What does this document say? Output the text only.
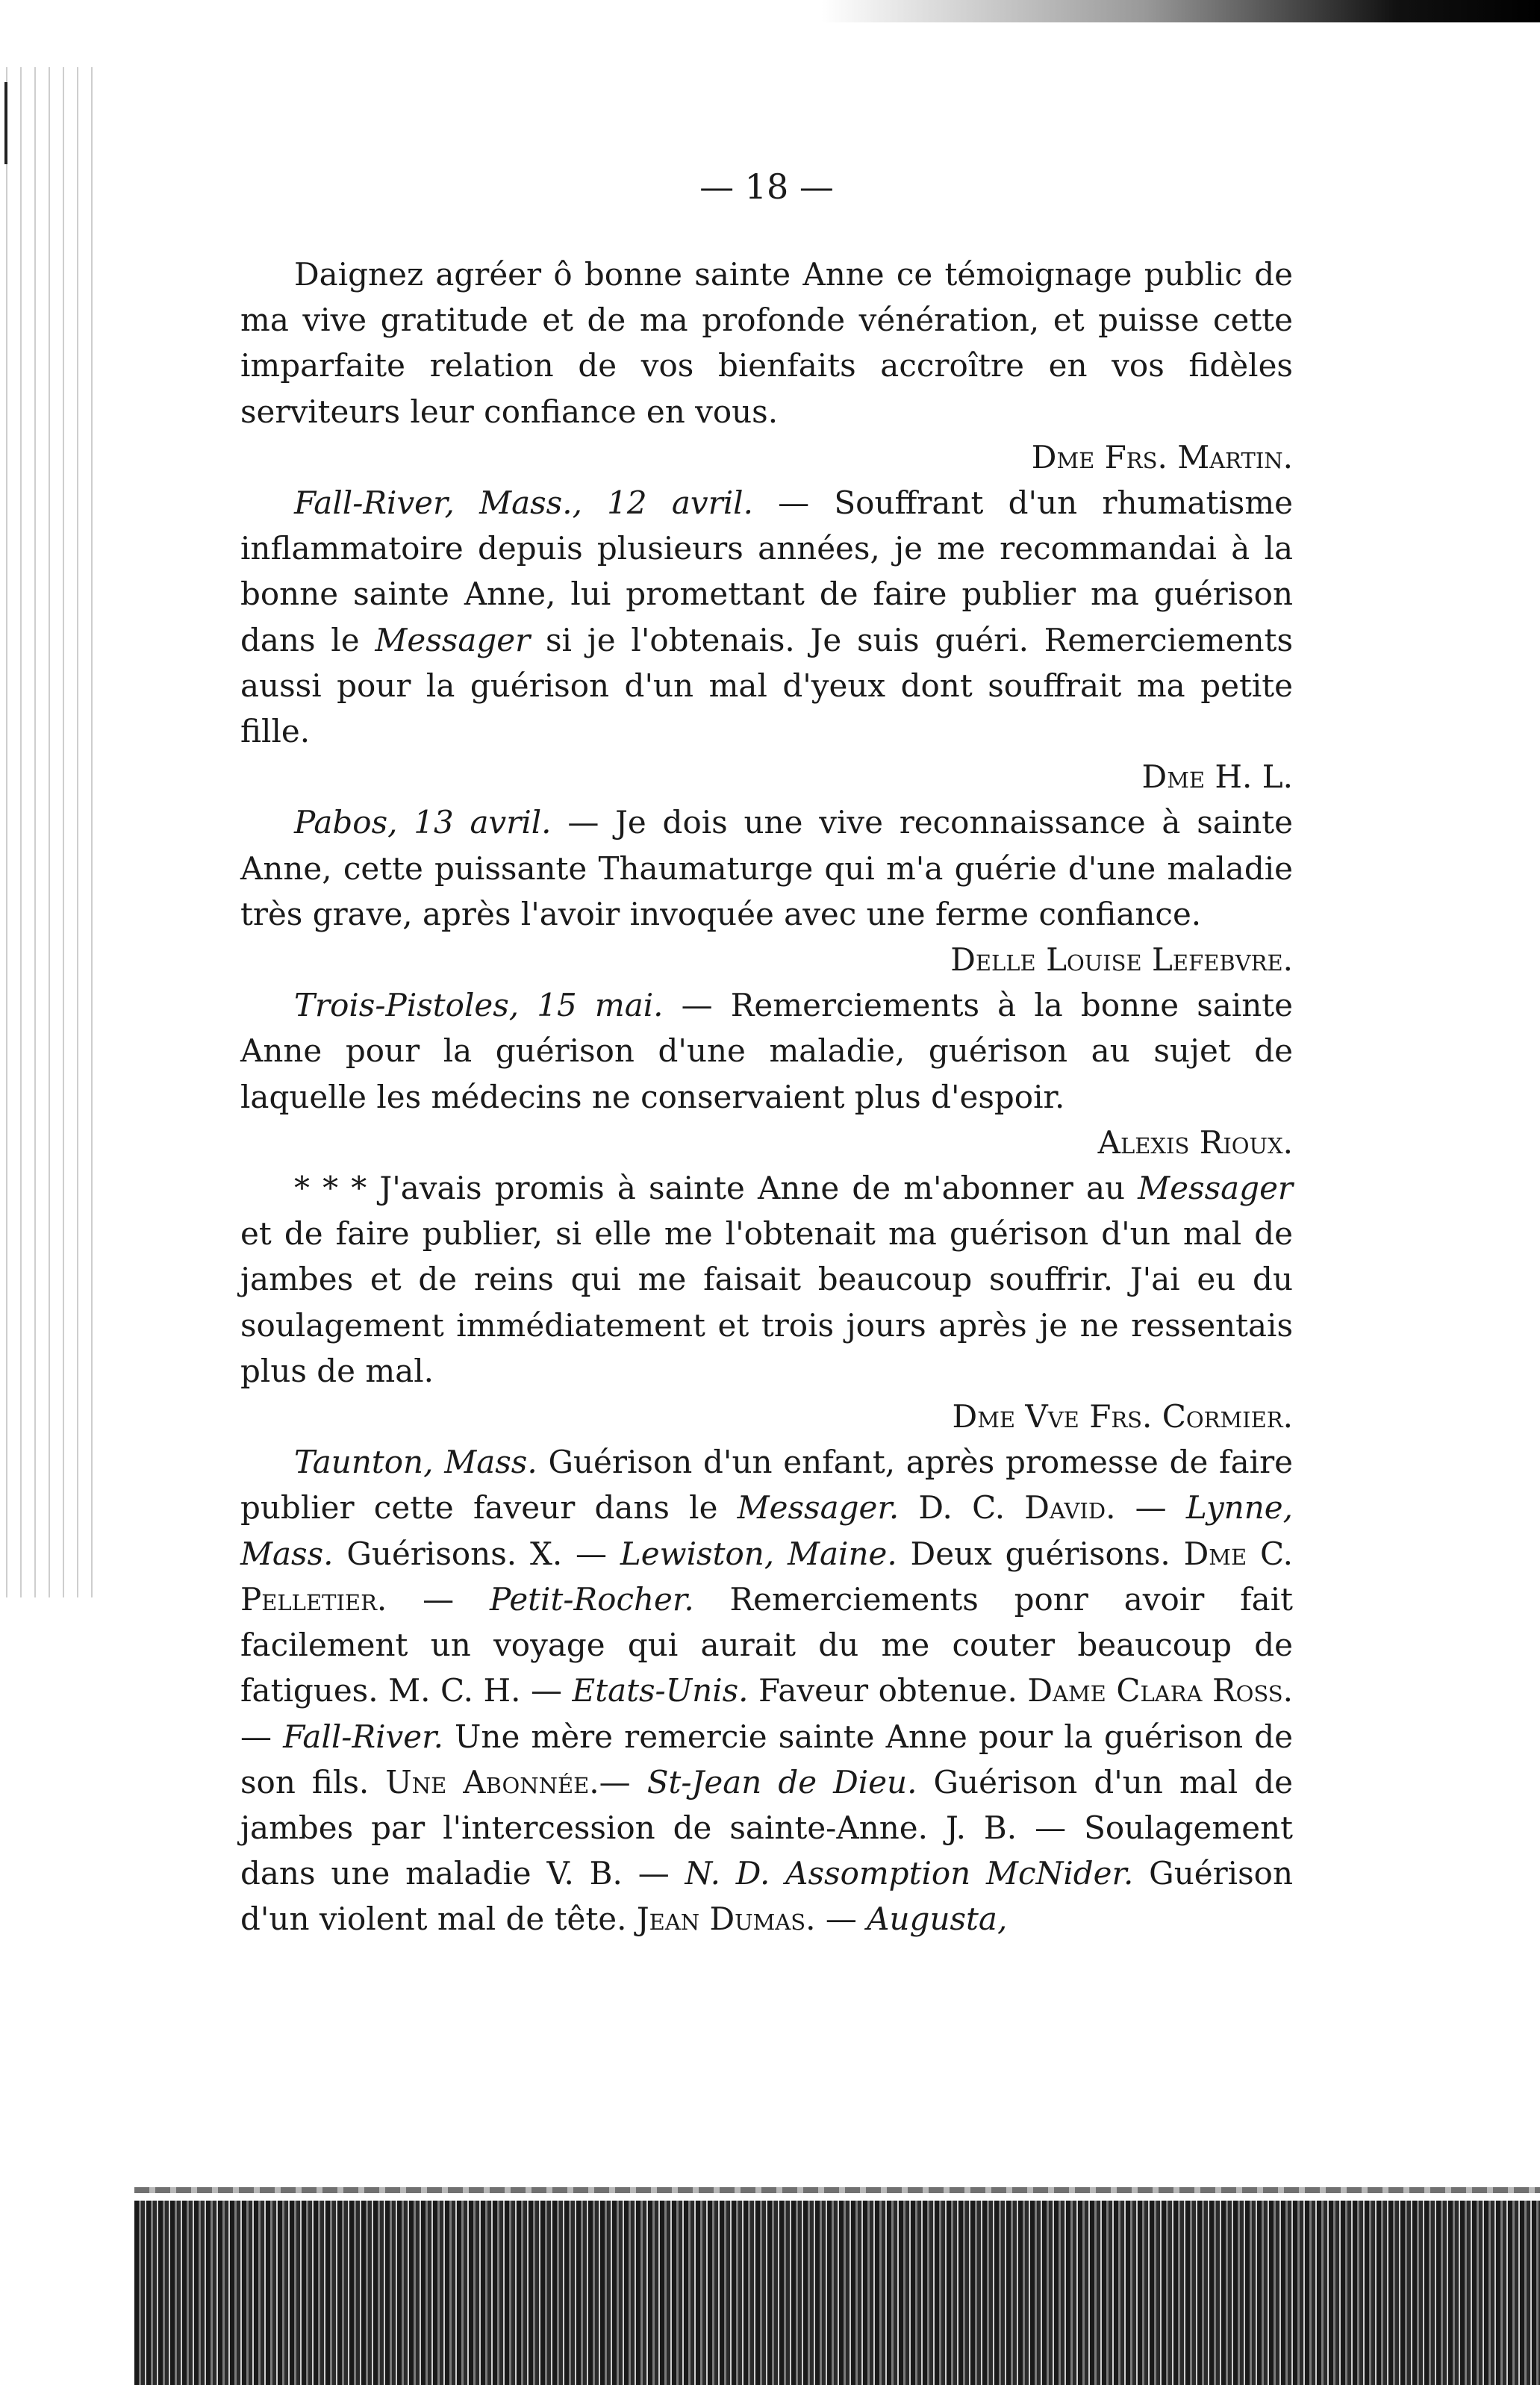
— 18 —

Daignez agréer ô bonne sainte Anne ce témoignage public de ma vive gratitude et de ma profonde vénération, et puisse cette imparfaite relation de vos bienfaits accroître en vos fidèles serviteurs leur confiance en vous.

Dme Frs. Martin.

Fall-River, Mass., 12 avril. — Souffrant d'un rhumatisme inflammatoire depuis plusieurs années, je me recommandai à la bonne sainte Anne, lui promettant de faire publier ma guérison dans le Messager si je l'obtenais. Je suis guéri. Remerciements aussi pour la guérison d'un mal d'yeux dont souffrait ma petite fille.

Dme H. L.

Pabos, 13 avril. — Je dois une vive reconnaissance à sainte Anne, cette puissante Thaumaturge qui m'a guérie d'une maladie très grave, après l'avoir invoquée avec une ferme confiance.

Delle Louise Lefebvre.

Trois-Pistoles, 15 mai. — Remerciements à la bonne sainte Anne pour la guérison d'une maladie, guérison au sujet de laquelle les médecins ne conservaient plus d'espoir.

Alexis Rioux.

* * * J'avais promis à sainte Anne de m'abonner au Messager et de faire publier, si elle me l'obtenait ma guérison d'un mal de jambes et de reins qui me faisait beaucoup souffrir. J'ai eu du soulagement immédiatement et trois jours après je ne ressentais plus de mal.

Dme Vve Frs. Cormier.

Taunton, Mass. Guérison d'un enfant, après promesse de faire publier cette faveur dans le Messager. D. C. David. — Lynne, Mass. Guérisons. X. — Lewiston, Maine. Deux guérisons. Dme C. Pelletier. — Petit-Rocher. Remerciements ponr avoir fait facilement un voyage qui aurait du me couter beaucoup de fatigues. M. C. H. — Etats-Unis. Faveur obtenue. Dame Clara Ross. — Fall-River. Une mère remercie sainte Anne pour la guérison de son fils. Une Abonnée.— St-Jean de Dieu. Guérison d'un mal de jambes par l'intercession de sainte-Anne. J. B. — Soulagement dans une maladie V. B. — N. D. Assomption McNider. Guérison d'un violent mal de tête. Jean Dumas. — Augusta,
